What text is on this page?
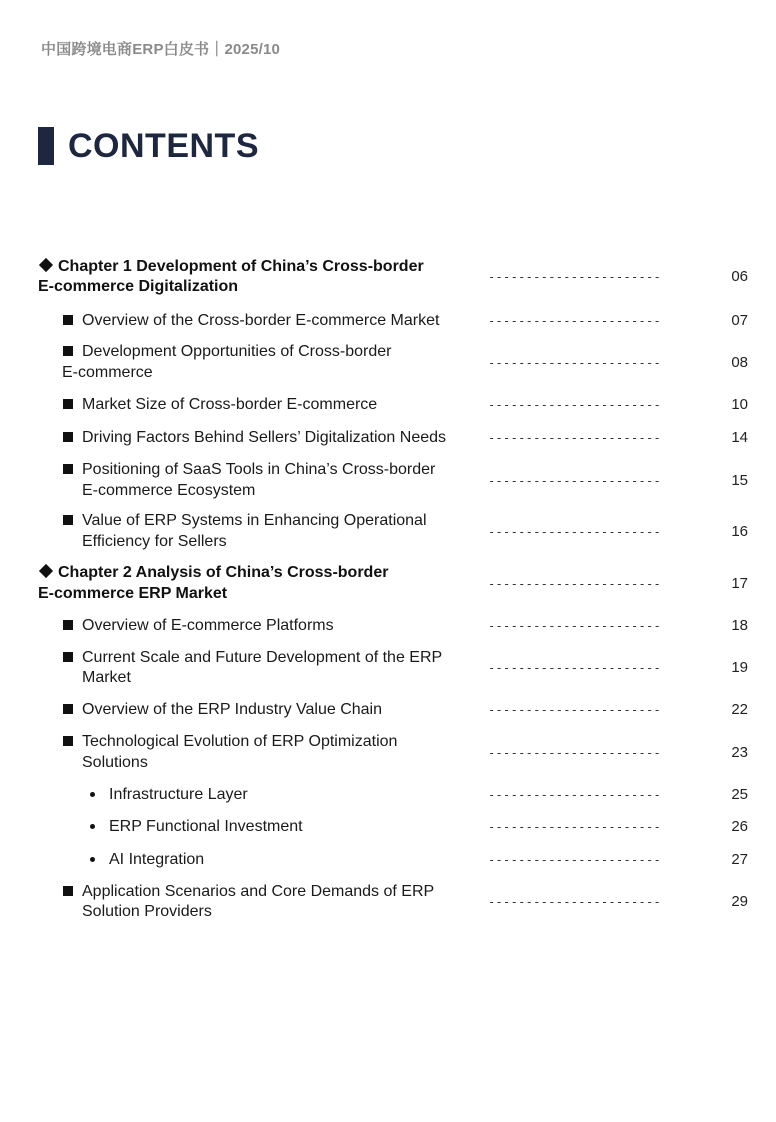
中国跨境电商ERP白皮书｜2025/10
CONTENTS
Chapter 1 Development of China’s Cross-border
E-commerce Digitalization
-----------------------	06
Overview of the Cross-border E-commerce Market	-----------------------	07
Development Opportunities of Cross-border
E-commerce
-----------------------	08
Market Size of Cross-border E-commerce	-----------------------	10
Driving Factors Behind Sellers’ Digitalization Needs	-----------------------	14
Positioning of SaaS Tools in China’s Cross-border
E-commerce Ecosystem
-----------------------	15
Value of ERP Systems in Enhancing Operational
Efficiency for Sellers
-----------------------	16
Chapter 2 Analysis of China’s Cross-border
E-commerce ERP Market
-----------------------	17
Overview of E-commerce Platforms	-----------------------	18
Current Scale and Future Development of the ERP
Market
-----------------------	19
Overview of the ERP Industry Value Chain	-----------------------	22
Technological Evolution of ERP Optimization
Solutions
-----------------------	23
Infrastructure Layer	-----------------------	25
ERP Functional Investment	-----------------------	26
AI Integration	-----------------------	27
Application Scenarios and Core Demands of ERP
Solution Providers
-----------------------	29
